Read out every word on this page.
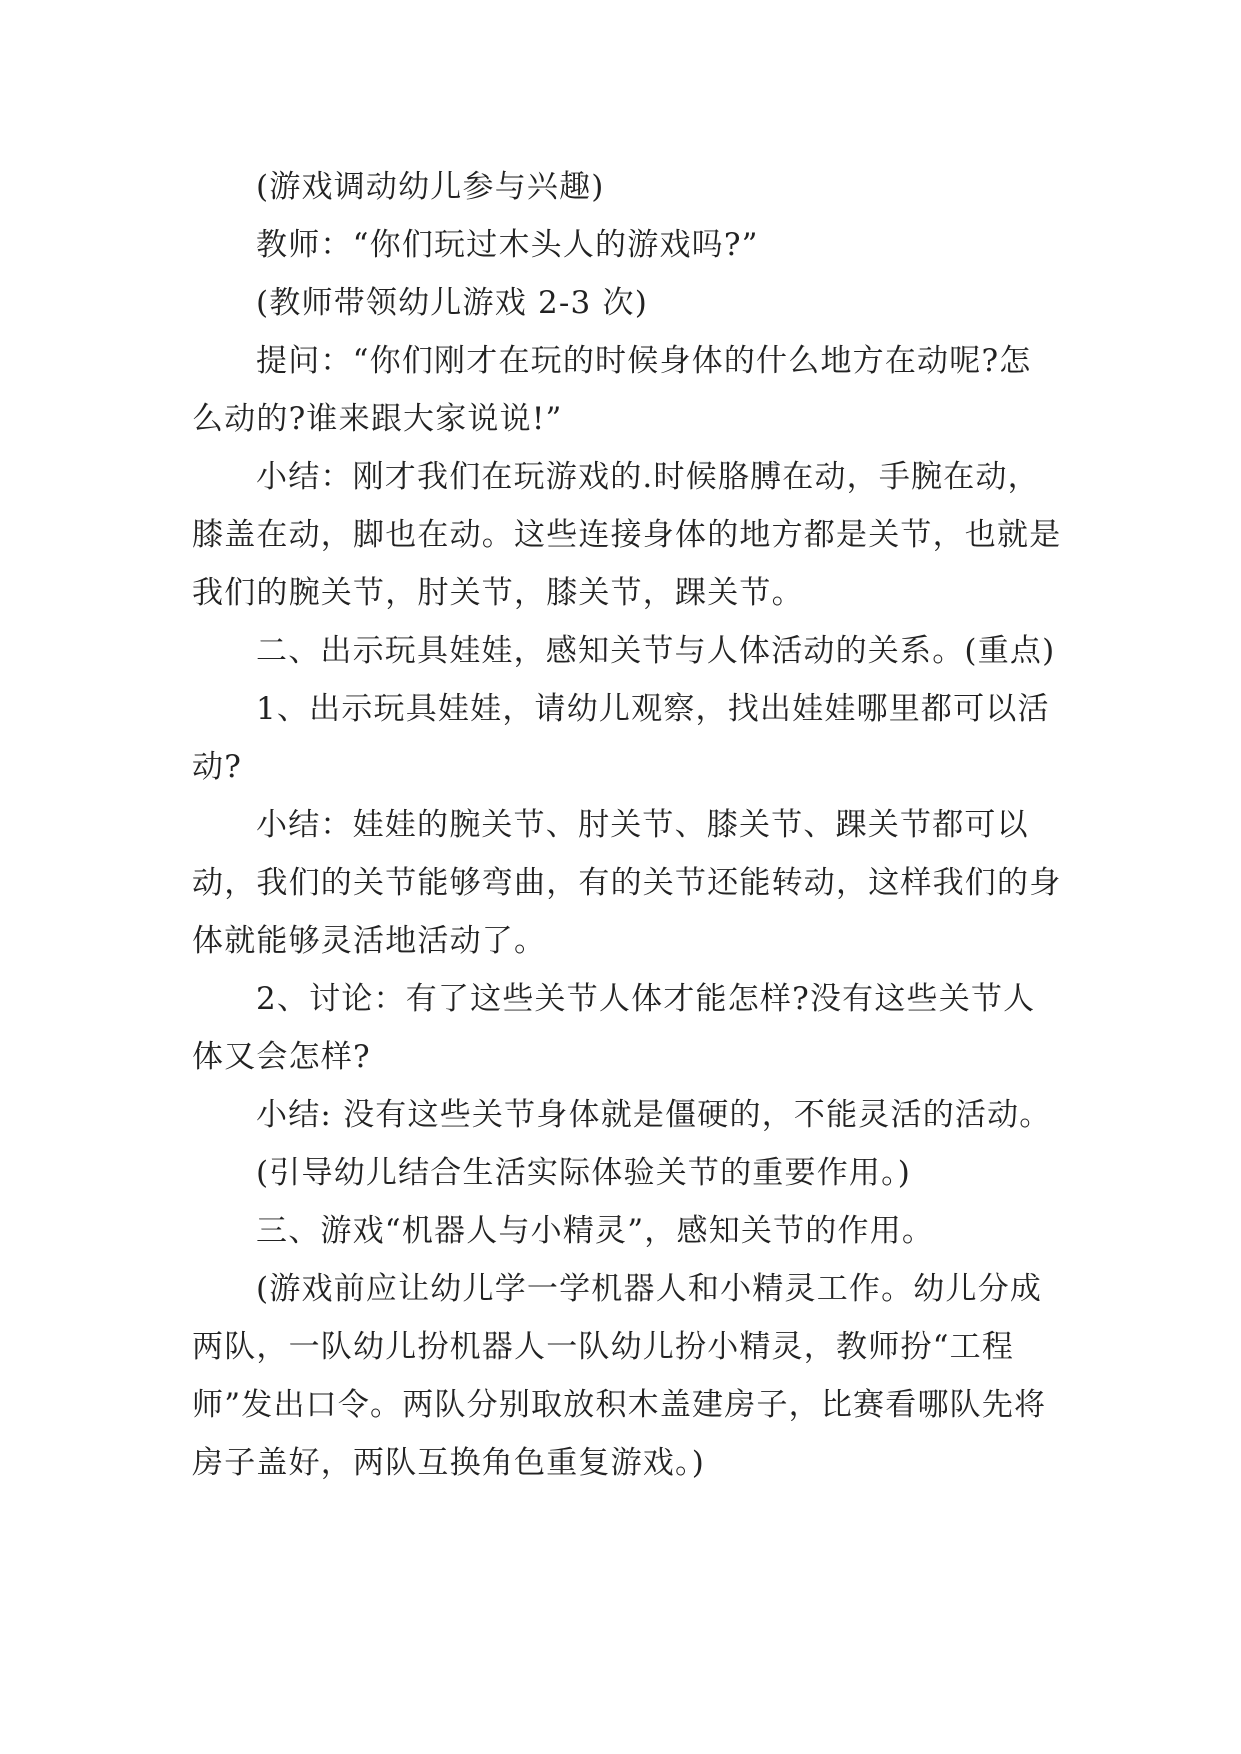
(游戏调动幼儿参与兴趣)

教师：“你们玩过木头人的游戏吗?”

(教师带领幼儿游戏 2-3 次)

提问：“你们刚才在玩的时候身体的什么地方在动呢?怎么动的?谁来跟大家说说!”

小结：刚才我们在玩游戏的.时候胳膊在动，手腕在动，膝盖在动，脚也在动。这些连接身体的地方都是关节，也就是我们的腕关节，肘关节，膝关节，踝关节。

二、出示玩具娃娃，感知关节与人体活动的关系。(重点)

1、出示玩具娃娃，请幼儿观察，找出娃娃哪里都可以活动?

小结：娃娃的腕关节、肘关节、膝关节、踝关节都可以动，我们的关节能够弯曲，有的关节还能转动，这样我们的身体就能够灵活地活动了。

2、讨论：有了这些关节人体才能怎样?没有这些关节人体又会怎样?

小结: 没有这些关节身体就是僵硬的，不能灵活的活动。

(引导幼儿结合生活实际体验关节的重要作用。)

三、游戏“机器人与小精灵”，感知关节的作用。

(游戏前应让幼儿学一学机器人和小精灵工作。幼儿分成两队，一队幼儿扮机器人一队幼儿扮小精灵，教师扮“工程师”发出口令。两队分别取放积木盖建房子，比赛看哪队先将房子盖好，两队互换角色重复游戏。)
